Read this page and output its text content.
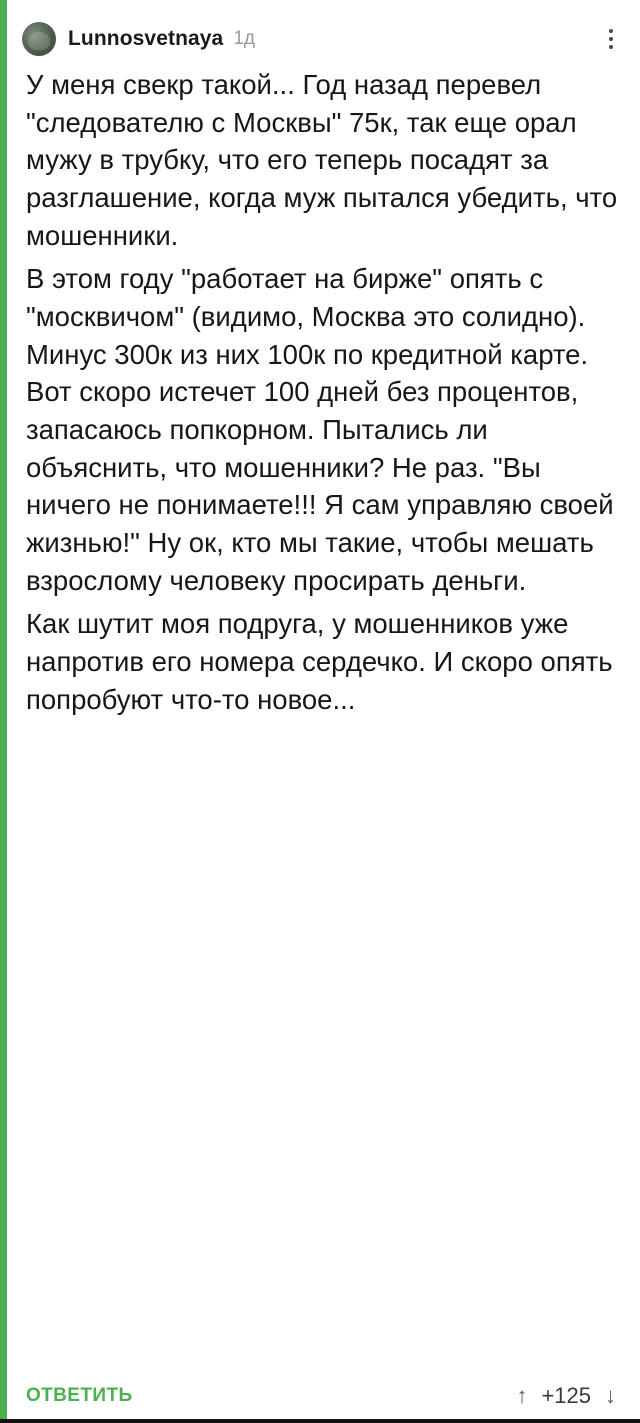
Lunnosvetnaya 1д

У меня свекр такой... Год назад перевел "следователю с Москвы" 75к, так еще орал мужу в трубку, что его теперь посадят за разглашение, когда муж пытался убедить, что мошенники.

В этом году "работает на бирже" опять с "москвичом" (видимо, Москва это солидно). Минус 300к из них 100к по кредитной карте. Вот скоро истечет 100 дней без процентов, запасаюсь попкорном. Пытались ли объяснить, что мошенники? Не раз. "Вы ничего не понимаете!!! Я сам управляю своей жизнью!" Ну ок, кто мы такие, чтобы мешать взрослому человеку просирать деньги.

Как шутит моя подруга, у мошенников уже напротив его номера сердечко. И скоро опять попробуют что-то новое...

ОТВЕТИТЬ	↑ +125 ↓
